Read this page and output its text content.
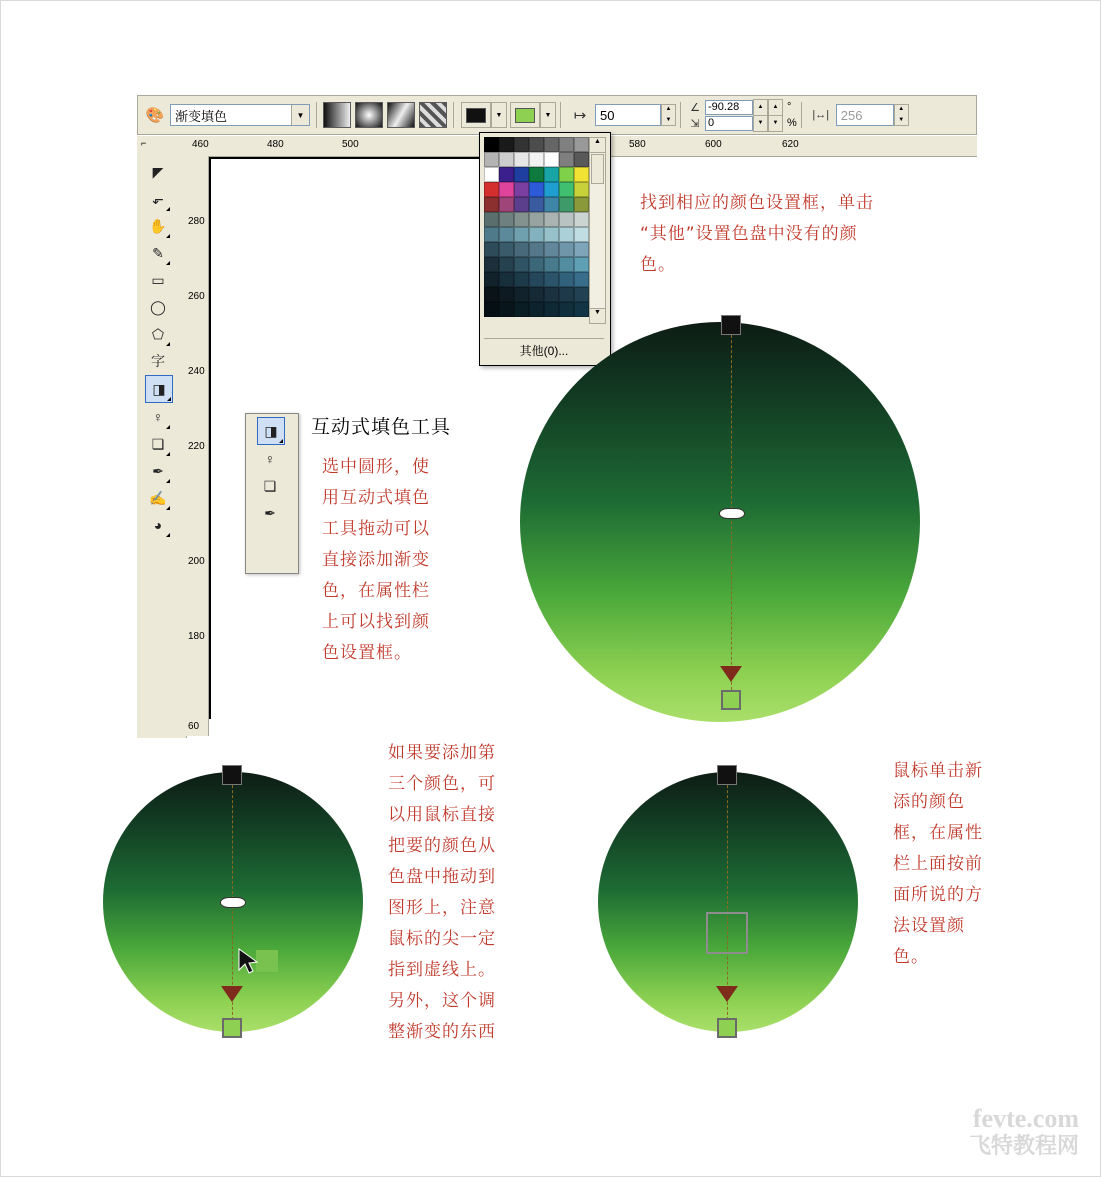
🎨 渐变填色	▼	▼	▼	↦	50	▲
▼
∠ -90.28	▲	▲ °
⇲ 0	▼	▼ %
|↔| 256	▲
▼
460	480	500	580	600	620
⌐
◤
⬐
✋
✎
▭
◯
⬠
字
◨
♀
❏
✒
✍
◕
280
260
240
220
200
180
60
▲
▼
其他(0)...
◨
♀
❏
✒
找到相应的颜色设置框，单击
“其他”设置色盘中没有的颜
色。
互动式填色工具
选中圆形，使
用互动式填色
工具拖动可以
直接添加渐变
色，在属性栏
上可以找到颜
色设置框。
如果要添加第
三个颜色，可
以用鼠标直接
把要的颜色从
色盘中拖动到
图形上，注意
鼠标的尖一定
指到虚线上。
另外，这个调
整渐变的东西
鼠标单击新
添的颜色
框，在属性
栏上面按前
面所说的方
法设置颜
色。
fevte.com
飞特教程网
